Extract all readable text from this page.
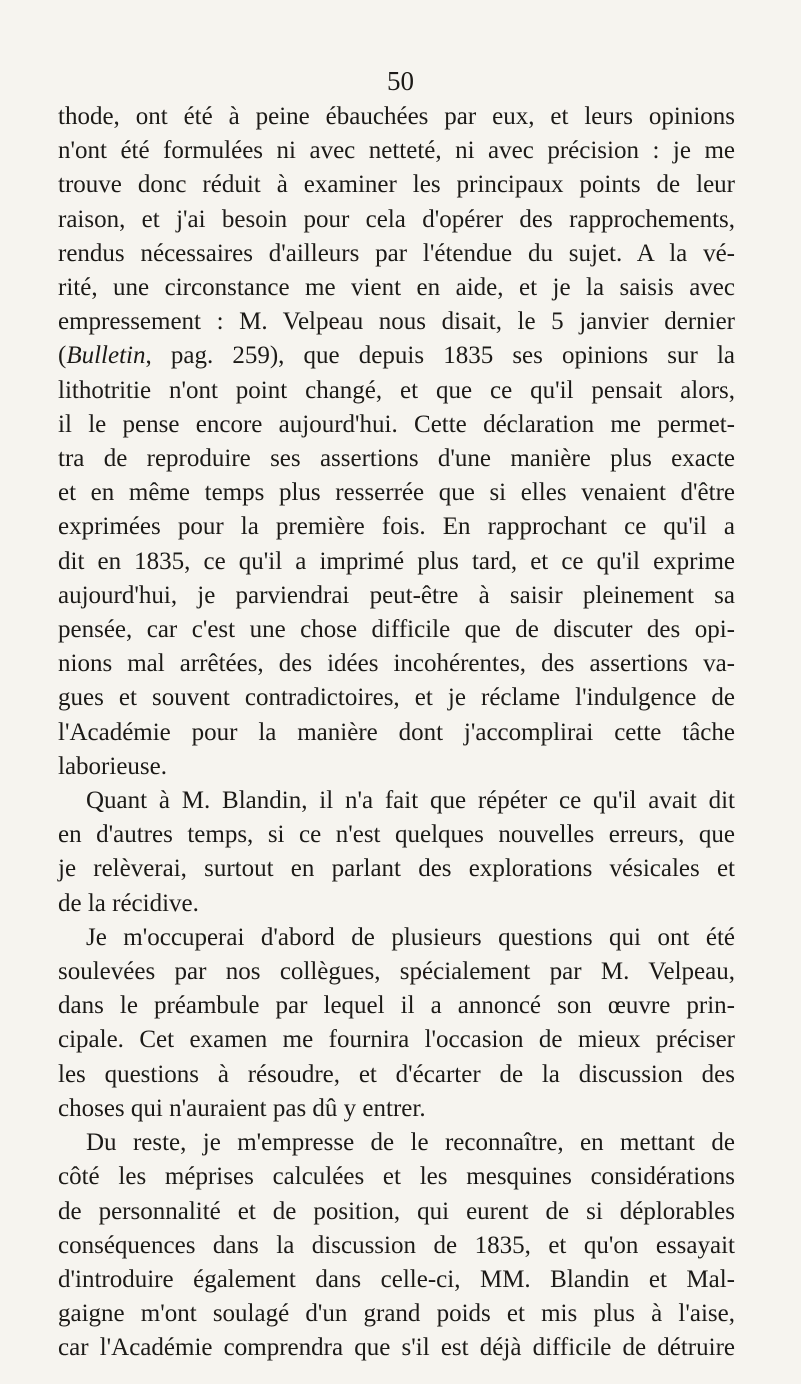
50

thode, ont été à peine ébauchées par eux, et leurs opinions
n'ont été formulées ni avec netteté, ni avec précision : je me
trouve donc réduit à examiner les principaux points de leur
raison, et j'ai besoin pour cela d'opérer des rapprochements,
rendus nécessaires d'ailleurs par l'étendue du sujet. A la vé-
rité, une circonstance me vient en aide, et je la saisis avec
empressement : M. Velpeau nous disait, le 5 janvier dernier
(Bulletin, pag. 259), que depuis 1835 ses opinions sur la
lithotritie n'ont point changé, et que ce qu'il pensait alors,
il le pense encore aujourd'hui. Cette déclaration me permet-
tra de reproduire ses assertions d'une manière plus exacte
et en même temps plus resserrée que si elles venaient d'être
exprimées pour la première fois. En rapprochant ce qu'il a
dit en 1835, ce qu'il a imprimé plus tard, et ce qu'il exprime
aujourd'hui, je parviendrai peut-être à saisir pleinement sa
pensée, car c'est une chose difficile que de discuter des opi-
nions mal arrêtées, des idées incohérentes, des assertions va-
gues et souvent contradictoires, et je réclame l'indulgence de
l'Académie pour la manière dont j'accomplirai cette tâche
laborieuse.

Quant à M. Blandin, il n'a fait que répéter ce qu'il avait dit
en d'autres temps, si ce n'est quelques nouvelles erreurs, que
je relèverai, surtout en parlant des explorations vésicales et
de la récidive.

Je m'occuperai d'abord de plusieurs questions qui ont été
soulevées par nos collègues, spécialement par M. Velpeau,
dans le préambule par lequel il a annoncé son œuvre prin-
cipale. Cet examen me fournira l'occasion de mieux préciser
les questions à résoudre, et d'écarter de la discussion des
choses qui n'auraient pas dû y entrer.

Du reste, je m'empresse de le reconnaître, en mettant de
côté les méprises calculées et les mesquines considérations
de personnalité et de position, qui eurent de si déplorables
conséquences dans la discussion de 1835, et qu'on essayait
d'introduire également dans celle-ci, MM. Blandin et Mal-
gaigne m'ont soulagé d'un grand poids et mis plus à l'aise,
car l'Académie comprendra que s'il est déjà difficile de détruire
